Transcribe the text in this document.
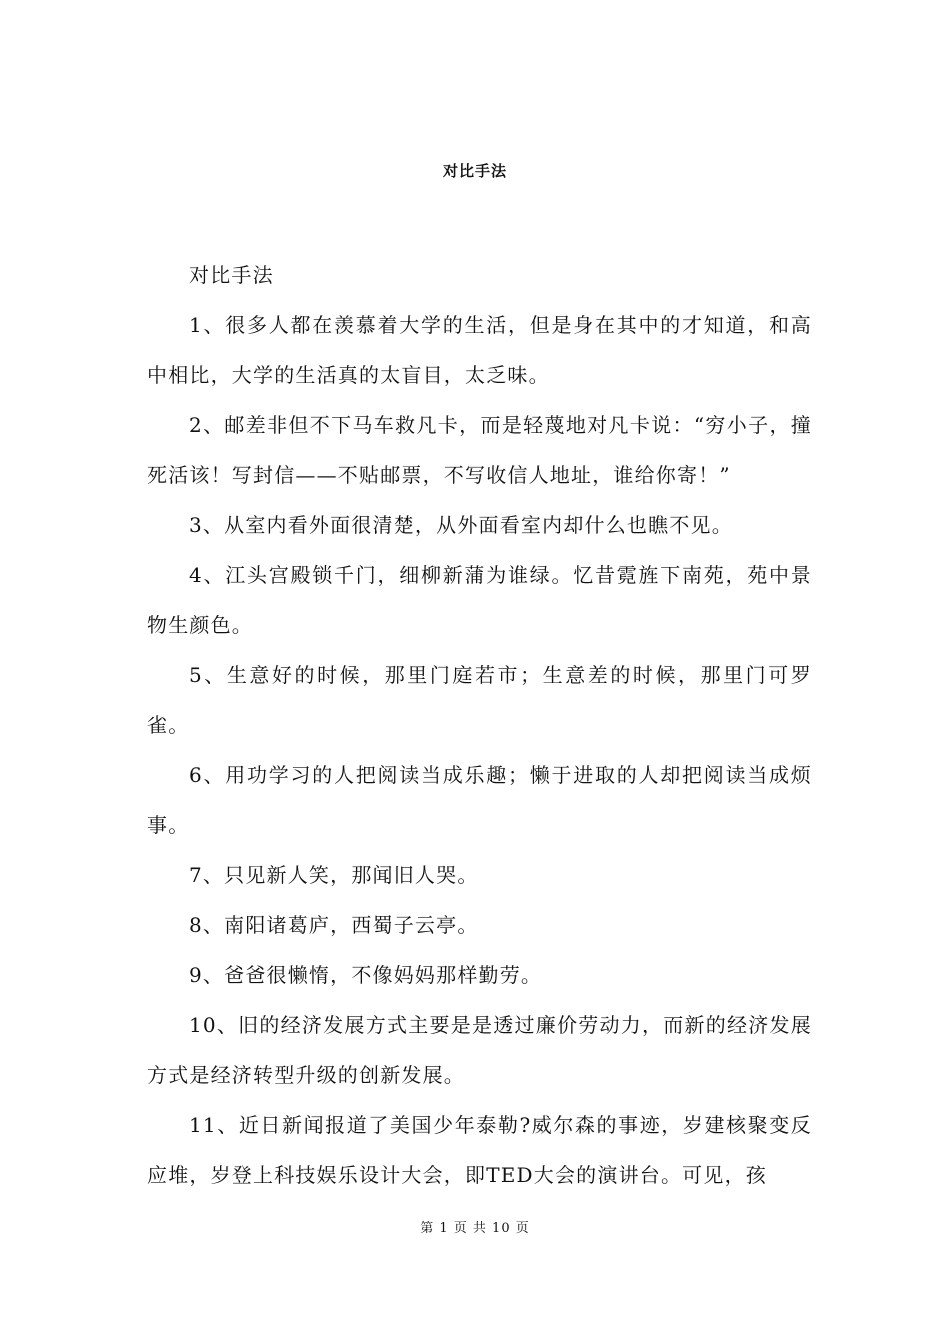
对比手法

对比手法

1、很多人都在羡慕着大学的生活，但是身在其中的才知道，和高中相比，大学的生活真的太盲目，太乏味。

2、邮差非但不下马车救凡卡，而是轻蔑地对凡卡说：“穷小子，撞死活该！写封信——不贴邮票，不写收信人地址，谁给你寄！”

3、从室内看外面很清楚，从外面看室内却什么也瞧不见。

4、江头宫殿锁千门，细柳新蒲为谁绿。忆昔霓旌下南苑，苑中景物生颜色。

5、生意好的时候，那里门庭若市；生意差的时候，那里门可罗雀。

6、用功学习的人把阅读当成乐趣；懒于进取的人却把阅读当成烦事。

7、只见新人笑，那闻旧人哭。

8、南阳诸葛庐，西蜀子云亭。

9、爸爸很懒惰，不像妈妈那样勤劳。

10、旧的经济发展方式主要是是透过廉价劳动力，而新的经济发展方式是经济转型升级的创新发展。

11、近日新闻报道了美国少年泰勒?威尔森的事迹，岁建核聚变反应堆，岁登上科技娱乐设计大会，即TED大会的演讲台。可见，孩

第 1 页 共 10 页
